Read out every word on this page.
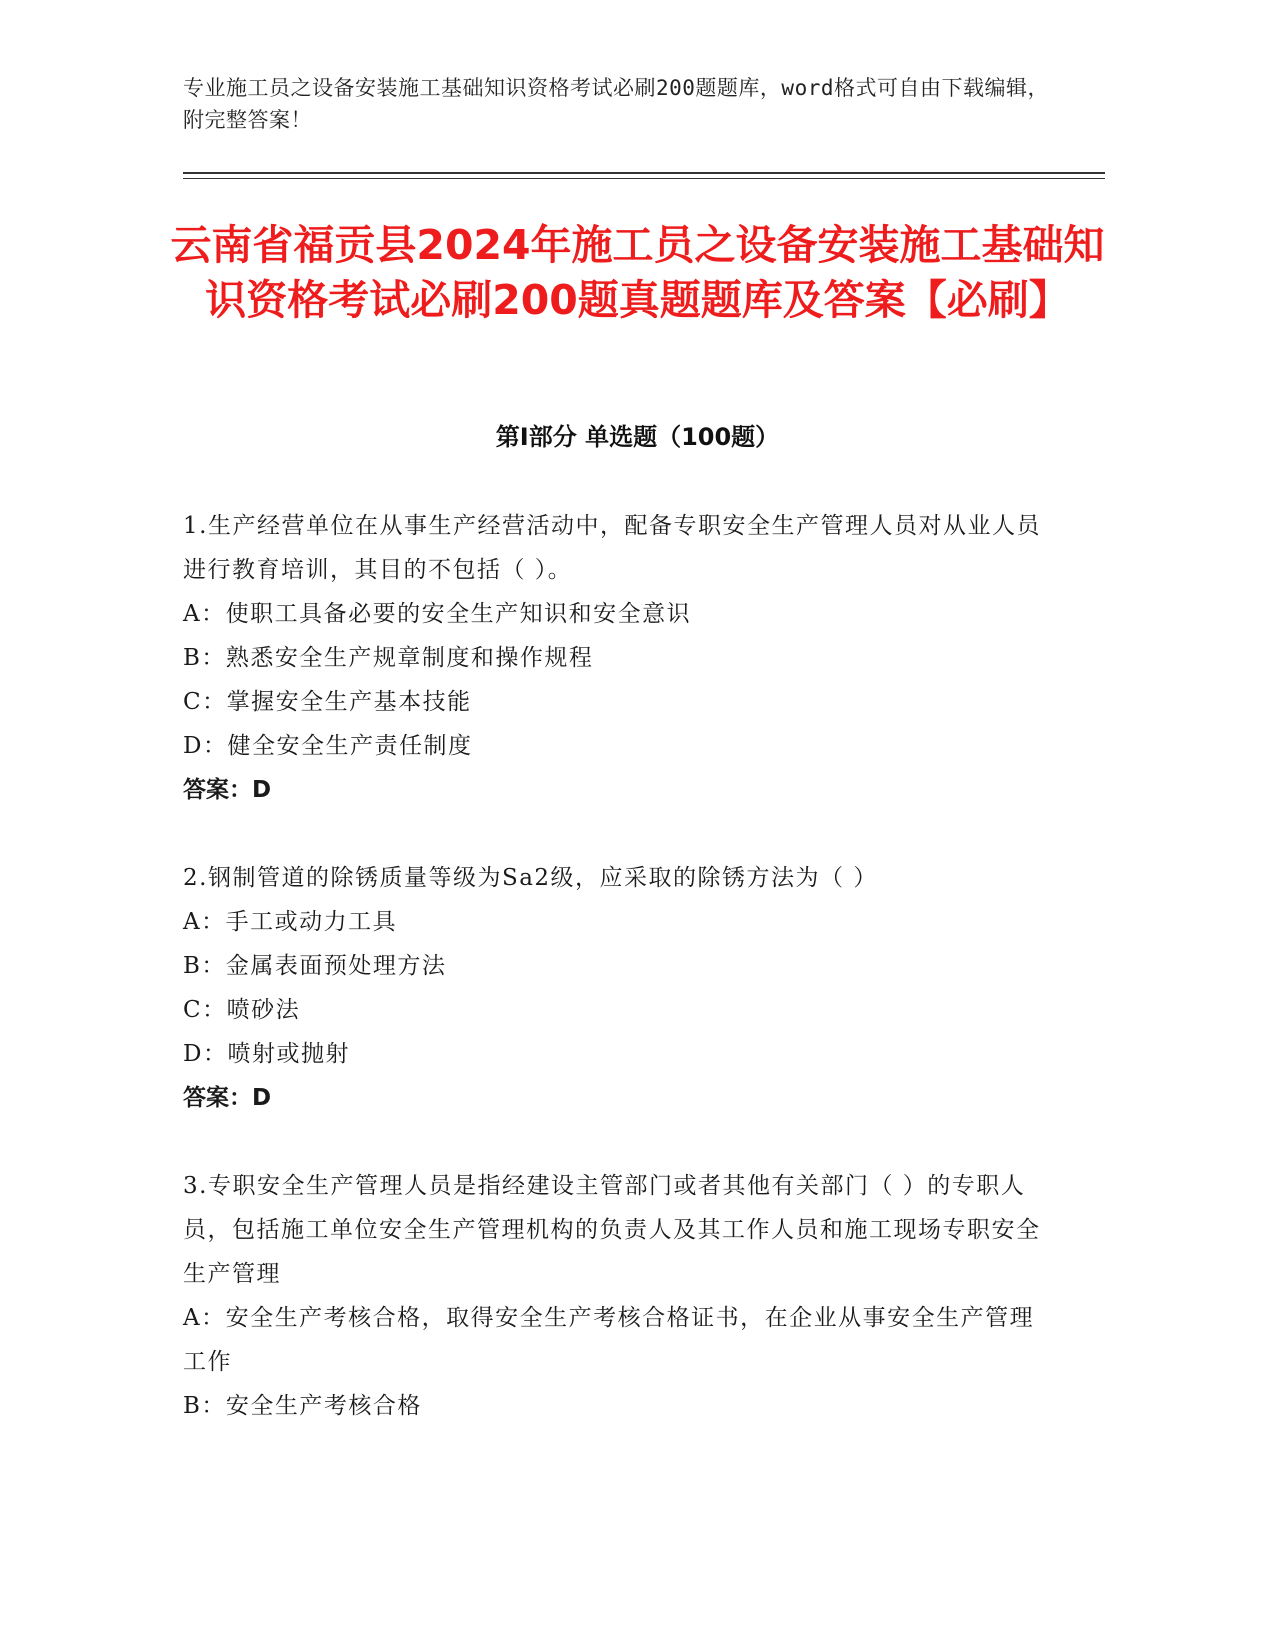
专业施工员之设备安装施工基础知识资格考试必刷200题题库，word格式可自由下载编辑，附完整答案！
云南省福贡县2024年施工员之设备安装施工基础知识资格考试必刷200题真题题库及答案【必刷】
第Ⅰ部分 单选题（100题）

1.生产经营单位在从事生产经营活动中，配备专职安全生产管理人员对从业人员进行教育培训，其目的不包括（ ）。

A：使职工具备必要的安全生产知识和安全意识

B：熟悉安全生产规章制度和操作规程

C：掌握安全生产基本技能

D：健全安全生产责任制度

答案：D

2.钢制管道的除锈质量等级为Sa2级，应采取的除锈方法为（ ）

A：手工或动力工具

B：金属表面预处理方法

C：喷砂法

D：喷射或抛射

答案：D

3.专职安全生产管理人员是指经建设主管部门或者其他有关部门（ ）的专职人员，包括施工单位安全生产管理机构的负责人及其工作人员和施工现场专职安全生产管理

A：安全生产考核合格，取得安全生产考核合格证书，在企业从事安全生产管理工作

B：安全生产考核合格
